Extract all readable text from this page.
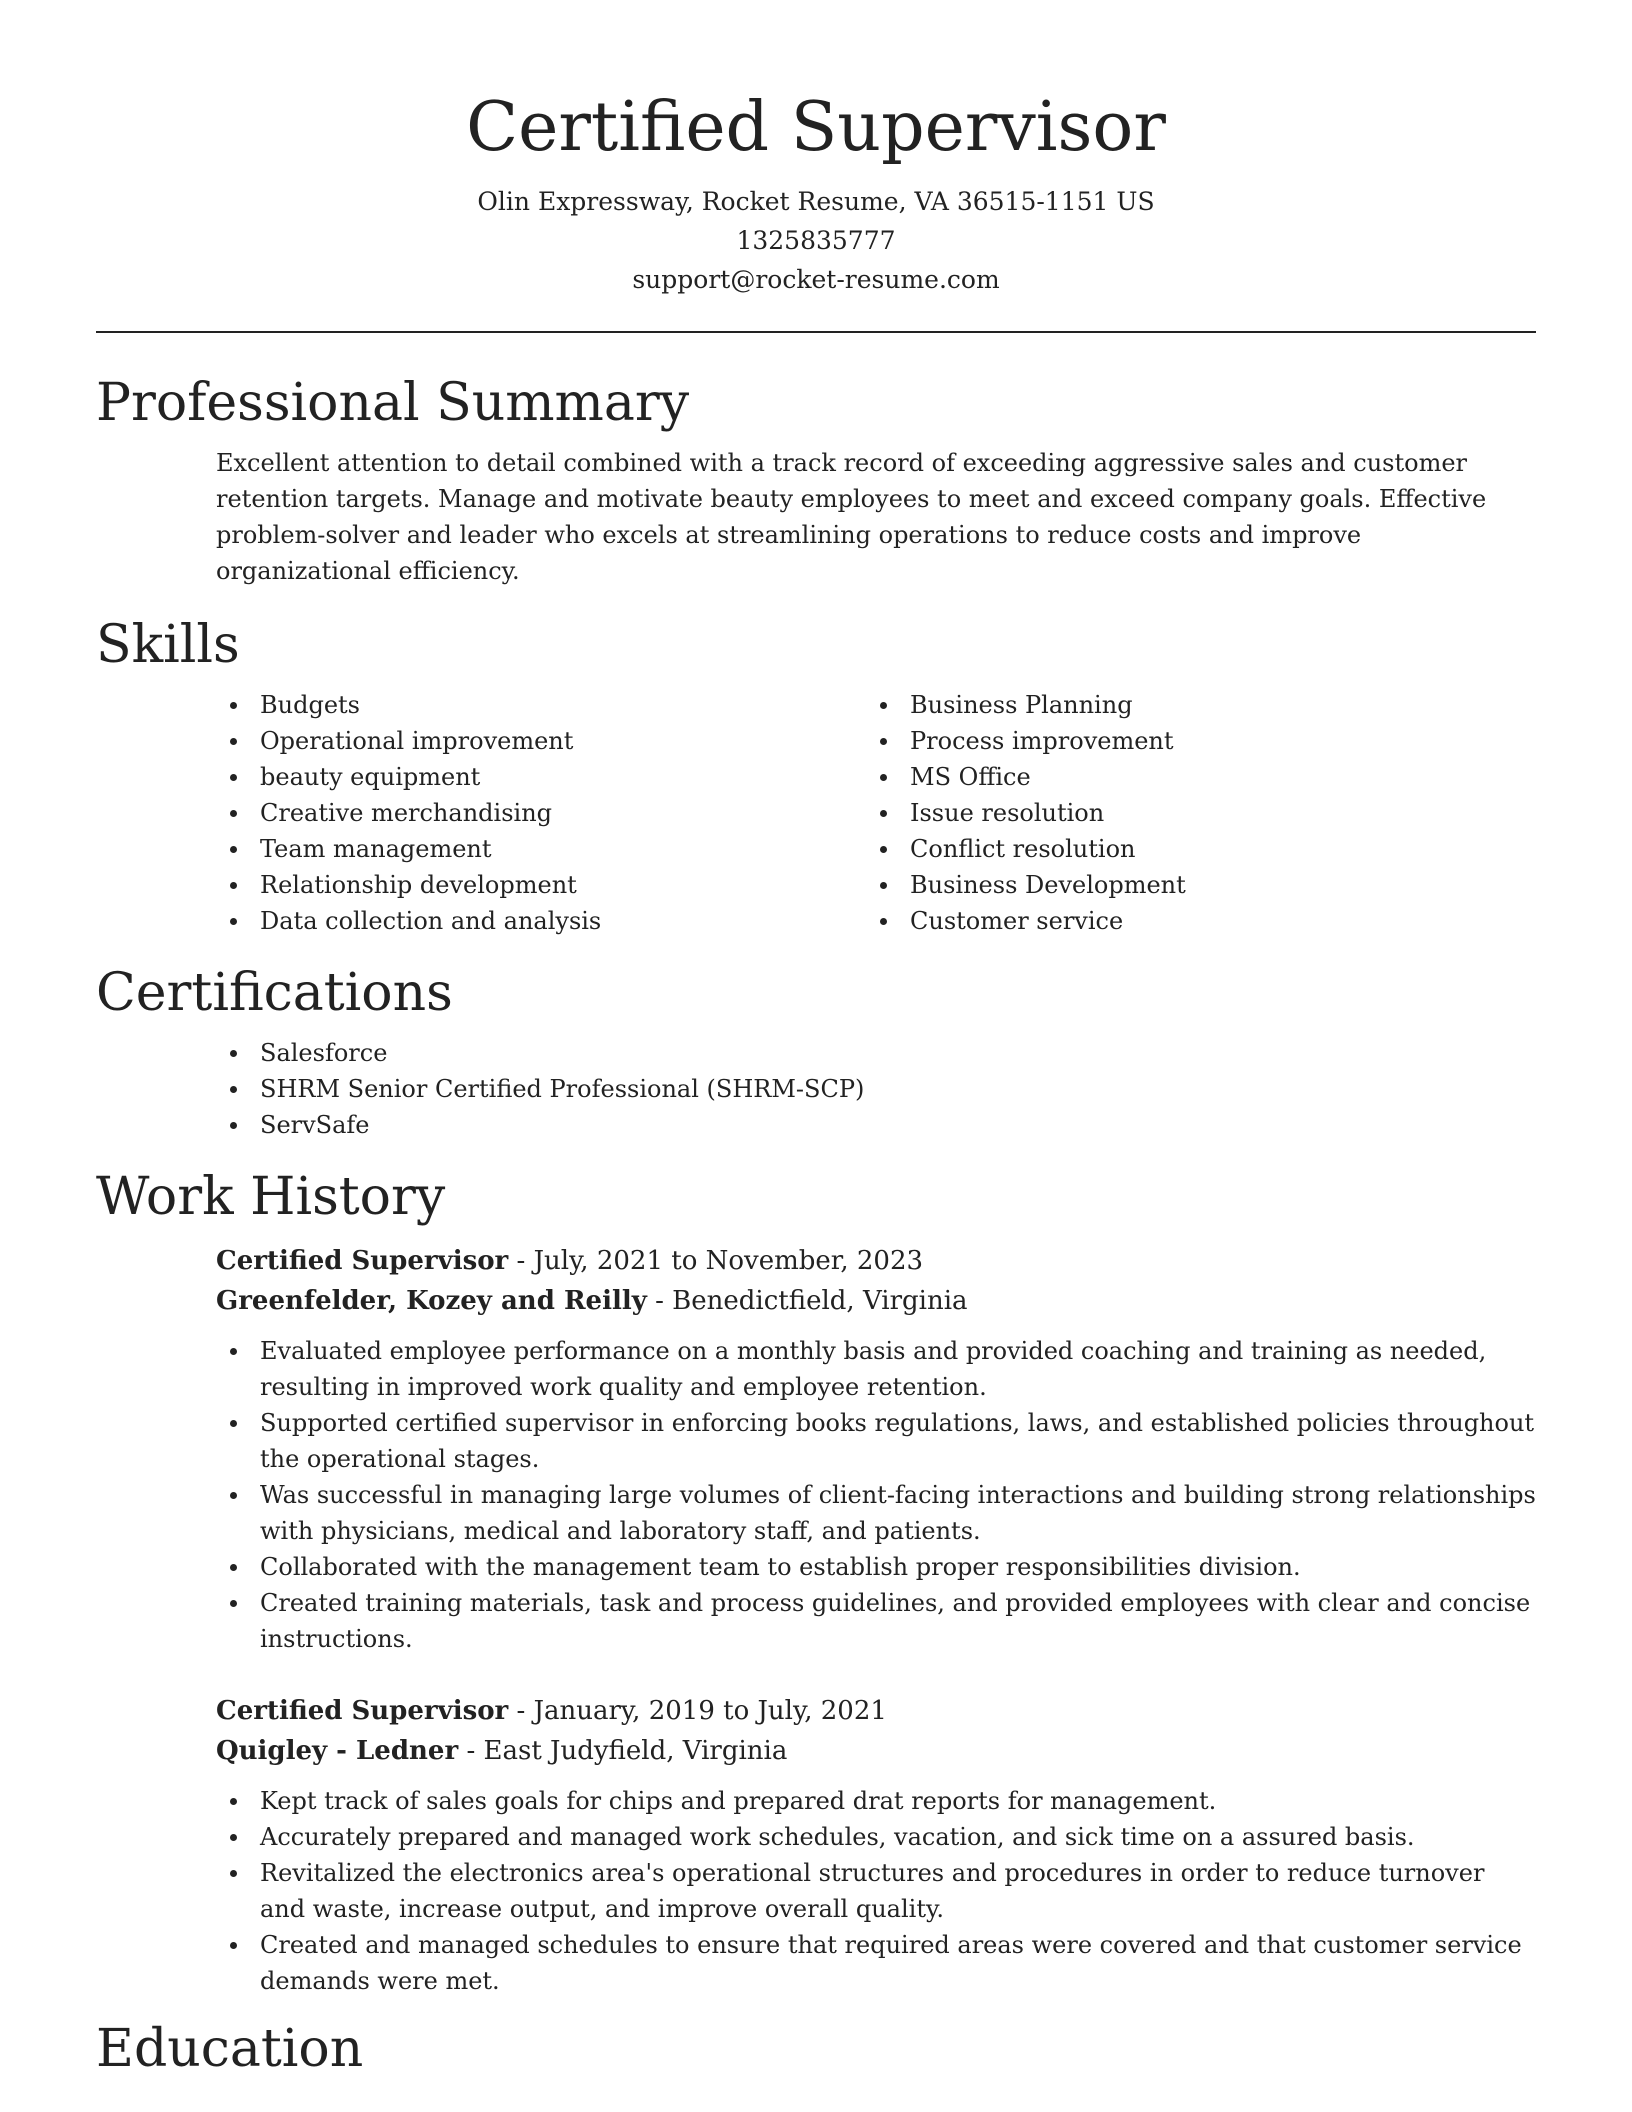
Certified Supervisor
Olin Expressway, Rocket Resume, VA 36515-1151 US
1325835777
support@rocket-resume.com
Professional Summary

Excellent attention to detail combined with a track record of exceeding aggressive sales and customer retention targets. Manage and motivate beauty employees to meet and exceed company goals. Effective problem-solver and leader who excels at streamlining operations to reduce costs and improve organizational efficiency.

Skills
Budgets
Operational improvement
beauty equipment
Creative merchandising
Team management
Relationship development
Data collection and analysis
Business Planning
Process improvement
MS Office
Issue resolution
Conflict resolution
Business Development
Customer service
Certifications
Salesforce
SHRM Senior Certified Professional (SHRM-SCP)
ServSafe
Work History

Certified Supervisor - July, 2021 to November, 2023

Greenfelder, Kozey and Reilly - Benedictfield, Virginia

Evaluated employee performance on a monthly basis and provided coaching and training as needed, resulting in improved work quality and employee retention.
Supported certified supervisor in enforcing books regulations, laws, and established policies throughout the operational stages.
Was successful in managing large volumes of client-facing interactions and building strong relationships with physicians, medical and laboratory staff, and patients.
Collaborated with the management team to establish proper responsibilities division.
Created training materials, task and process guidelines, and provided employees with clear and concise instructions.

Certified Supervisor - January, 2019 to July, 2021

Quigley - Ledner - East Judyfield, Virginia

Kept track of sales goals for chips and prepared drat reports for management.
Accurately prepared and managed work schedules, vacation, and sick time on a assured basis.
Revitalized the electronics area's operational structures and procedures in order to reduce turnover and waste, increase output, and improve overall quality.
Created and managed schedules to ensure that required areas were covered and that customer service demands were met.
Education
